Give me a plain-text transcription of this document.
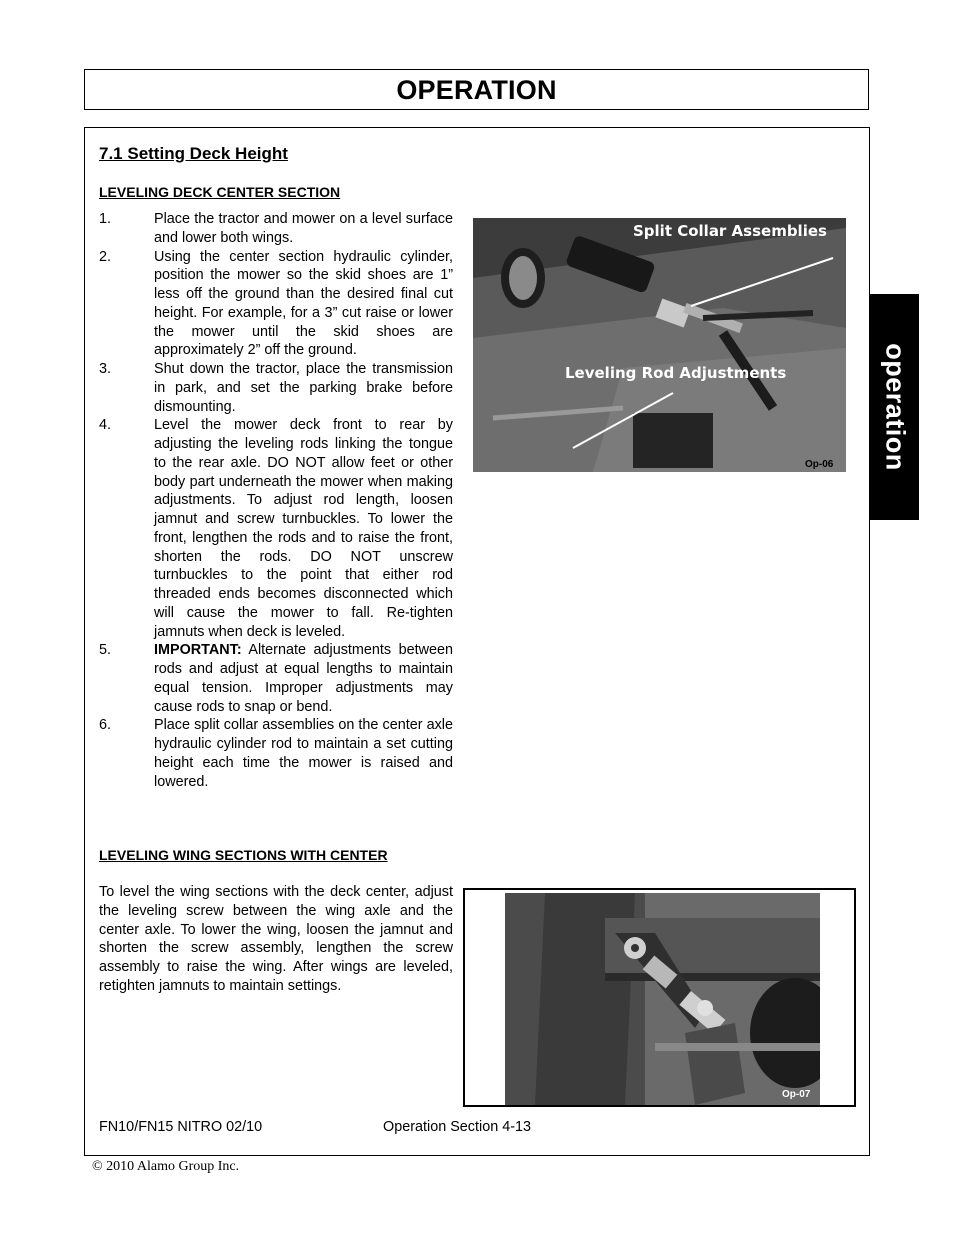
OPERATION
7.1 Setting Deck Height
LEVELING DECK CENTER SECTION
1.	Place the tractor and mower on a level surface and lower both wings.
2.	Using the center section hydraulic cylinder, position the mower so the skid shoes are 1” less off the ground than the desired final cut height. For example, for a 3” cut raise or lower the mower until the skid shoes are approximately 2” off the ground.
3.	Shut down the tractor, place the transmission in park, and set the parking brake before dismounting.
4.	Level the mower deck front to rear by adjusting the leveling rods linking the tongue to the rear axle. DO NOT allow feet or other body part underneath the mower when making adjustments. To adjust rod length, loosen jamnut and screw turnbuckles. To lower the front, lengthen the rods and to raise the front, shorten the rods. DO NOT unscrew turnbuckles to the point that either rod threaded ends becomes disconnected which will cause the mower to fall. Re-tighten jamnuts when deck is leveled.
5.	IMPORTANT: Alternate adjustments between rods and adjust at equal lengths to maintain equal tension. Improper adjustments may cause rods to snap or bend.
6.	Place split collar assemblies on the center axle hydraulic cylinder rod to maintain a set cutting height each time the mower is raised and lowered.
LEVELING WING SECTIONS WITH CENTER

To level the wing sections with the deck center, adjust the leveling screw between the wing axle and the center axle. To lower the wing, loosen the jamnut and shorten the screw assembly, lengthen the screw assembly to raise the wing. After wings are leveled, retighten jamnuts to maintain settings.

Split Collar Assemblies
Leveling Rod Adjustments
Op-06
Op-07
operation
FN10/FN15 NITRO 02/10	Operation Section 4-13
© 2010 Alamo Group Inc.
